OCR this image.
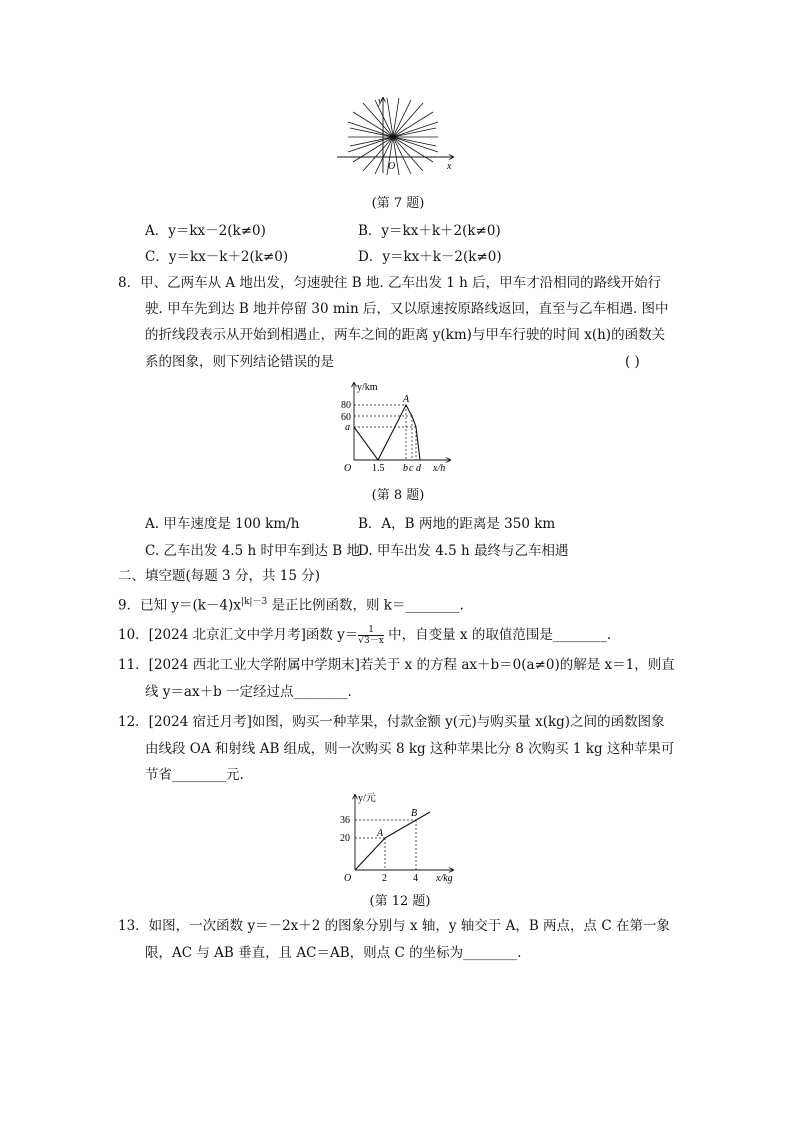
y
x
O
(第 7 题)
A．y＝kx－2(k≠0)	B．y＝kx＋k＋2(k≠0)
C．y＝kx－k＋2(k≠0)	D．y＝kx＋k－2(k≠0)
8．甲、乙两车从 A 地出发，匀速驶往 B 地. 乙车出发 1 h 后，甲车才沿相同的路线开始行
驶. 甲车先到达 B 地并停留 30 min 后，又以原速按原路线返回，直至与乙车相遇. 图中
的折线段表示从开始到相遇止，两车之间的距离 y(km)与甲车行驶的时间 x(h)的函数关
系的图象，则下列结论错误的是	( )
y/km
80
60
a
A
O 1.5 b c d x/h
(第 8 题)
A. 甲车速度是 100 km/h	B．A，B 两地的距离是 350 km
C. 乙车出发 4.5 h 时甲车到达 B 地
D. 甲车出发 4.5 h 最终与乙车相遇
二、填空题(每题 3 分，共 15 分)
9．已知 $y=(k-4)x^{|k|-3}$ 是正比例函数，则 k＝________.
10．[2024 北京汇文中学月考]函数 $y= \frac{1}{√3-x}$ 中，自变量 x 的取值范围是________.
11．[2024 西北工业大学附属中学期末]若关于 x 的方程 ax＋b＝0(a≠0)的解是 x＝1，则直
线 y＝ax＋b 一定经过点________.
12．[2024 宿迁月考]如图，购买一种苹果，付款金额 y(元)与购买量 x(kg)之间的函数图象
由线段 OA 和射线 AB 组成，则一次购买 8 kg 这种苹果比分 8 次购买 1 kg 这种苹果可
节省________元.
y/元
36
20	A
B
O	2	4 x/kg
(第 12 题)
13．如图，一次函数 y＝－2x＋2 的图象分别与 x 轴，y 轴交于 A，B 两点，点 C 在第一象
限，AC 与 AB 垂直，且 AC＝AB，则点 C 的坐标为________.
